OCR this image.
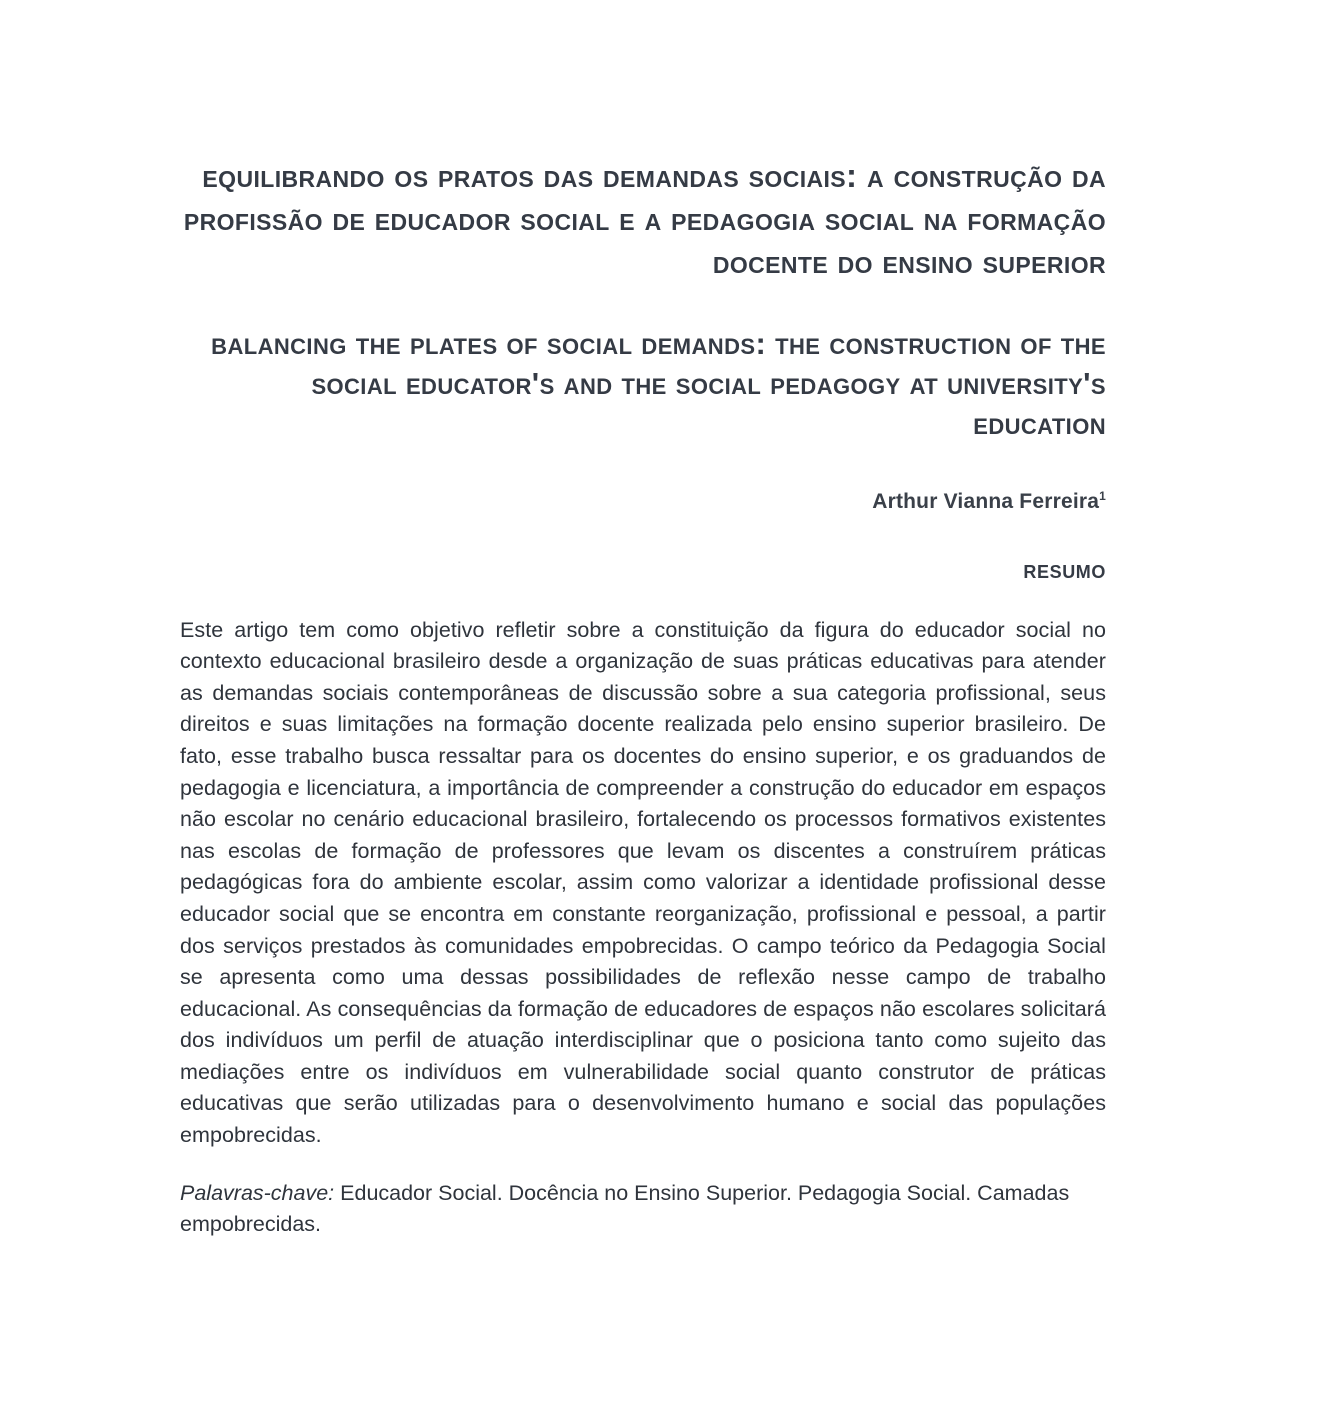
equilibrando os pratos das demandas sociais: a construção da profissão de educador social e a pedagogia social na formação docente do ensino superior
balancing the plates of social demands: the construction of the social educator's and the social pedagogy at university's education
Arthur Vianna Ferreira$^1$
resumo

Este artigo tem como objetivo refletir sobre a constituição da figura do educador social no contexto educacional brasileiro desde a organização de suas práticas educativas para atender as demandas sociais contemporâneas de discussão sobre a sua categoria profissional, seus direitos e suas limitações na formação docente realizada pelo ensino superior brasileiro. De fato, esse trabalho busca ressaltar para os docentes do ensino superior, e os graduandos de pedagogia e licenciatura, a importância de compreender a construção do educador em espaços não escolar no cenário educacional brasileiro, fortalecendo os processos formativos existentes nas escolas de formação de professores que levam os discentes a construírem práticas pedagógicas fora do ambiente escolar, assim como valorizar a identidade profissional desse educador social que se encontra em constante reorganização, profissional e pessoal, a partir dos serviços prestados às comunidades empobrecidas. O campo teórico da Pedagogia Social se apresenta como uma dessas possibilidades de reflexão nesse campo de trabalho educacional. As consequências da formação de educadores de espaços não escolares solicitará dos indivíduos um perfil de atuação interdisciplinar que o posiciona tanto como sujeito das mediações entre os indivíduos em vulnerabilidade social quanto construtor de práticas educativas que serão utilizadas para o desenvolvimento humano e social das populações empobrecidas.

Palavras-chave: Educador Social. Docência no Ensino Superior. Pedagogia Social. Camadas empobrecidas.
